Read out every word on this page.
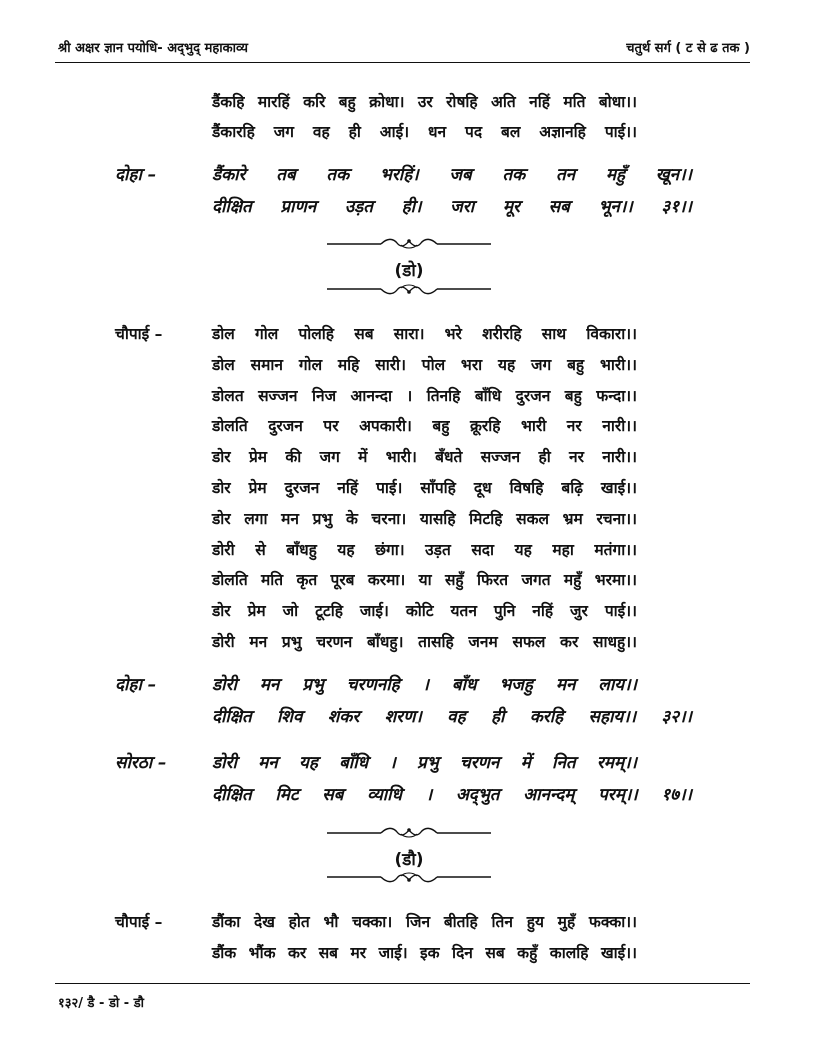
श्री अक्षर ज्ञान पयोधि- अद्‌भुद् महाकाव्य	चतुर्थ सर्ग ( ट से ढ तक )
डैंकहि मारहिं करि बहु क्रोधा। उर रोषहि अति नहिं मति बोधा।।
डैंकारहि जग वह ही आई। धन पद बल अज्ञानहि पाई।।
दोहा –	डैंकारे तब तक भरहिं। जब तक तन महुँ खून।।
दीक्षित प्राणन उड़त ही। जरा मूर सब भून।। ३१।।
(डो)
चौपाई –	डोल गोल पोलहि सब सारा। भरे शरीरहि साथ विकारा।।
डोल समान गोल महि सारी। पोल भरा यह जग बहु भारी।।
डोलत सज्जन निज आनन्दा । तिनहि बाँधि दुरजन बहु फन्दा।।
डोलति दुरजन पर अपकारी। बहु क्रूरहि भारी नर नारी।।
डोर प्रेम की जग में भारी। बँधते सज्जन ही नर नारी।।
डोर प्रेम दुरजन नहिं पाई। साँपहि दूध विषहि बढ़ि खाई।।
डोर लगा मन प्रभु के चरना। यासहि मिटहि सकल भ्रम रचना।।
डोरी से बाँधहु यह छंगा। उड़त सदा यह महा मतंगा।।
डोलति मति कृत पूरब करमा। या सहुँ फिरत जगत महुँ भरमा।।
डोर प्रेम जो टूटहि जाई। कोटि यतन पुनि नहिं जुर पाई।।
डोरी मन प्रभु चरणन बाँधहु। तासहि जनम सफल कर साधहु।।
दोहा –	डोरी मन प्रभु चरणनहि । बाँध भजहु मन लाय।।
दीक्षित शिव शंकर शरण। वह ही करहि सहाय।। ३२।।
सोरठा –	डोरी मन यह बाँधि । प्रभु चरणन में नित रमम्।।
दीक्षित मिट सब व्याधि । अद्‌भुत आनन्दम् परम्।। १७।।
(डौ)
चौपाई –	डौंका देख होत भौ चक्का। जिन बीतहि तिन हुय मुहँ फक्का।।
डौंक भौंक कर सब मर जाई। इक दिन सब कहुँ कालहि खाई।।
१३२/ डै - डो - डौ
